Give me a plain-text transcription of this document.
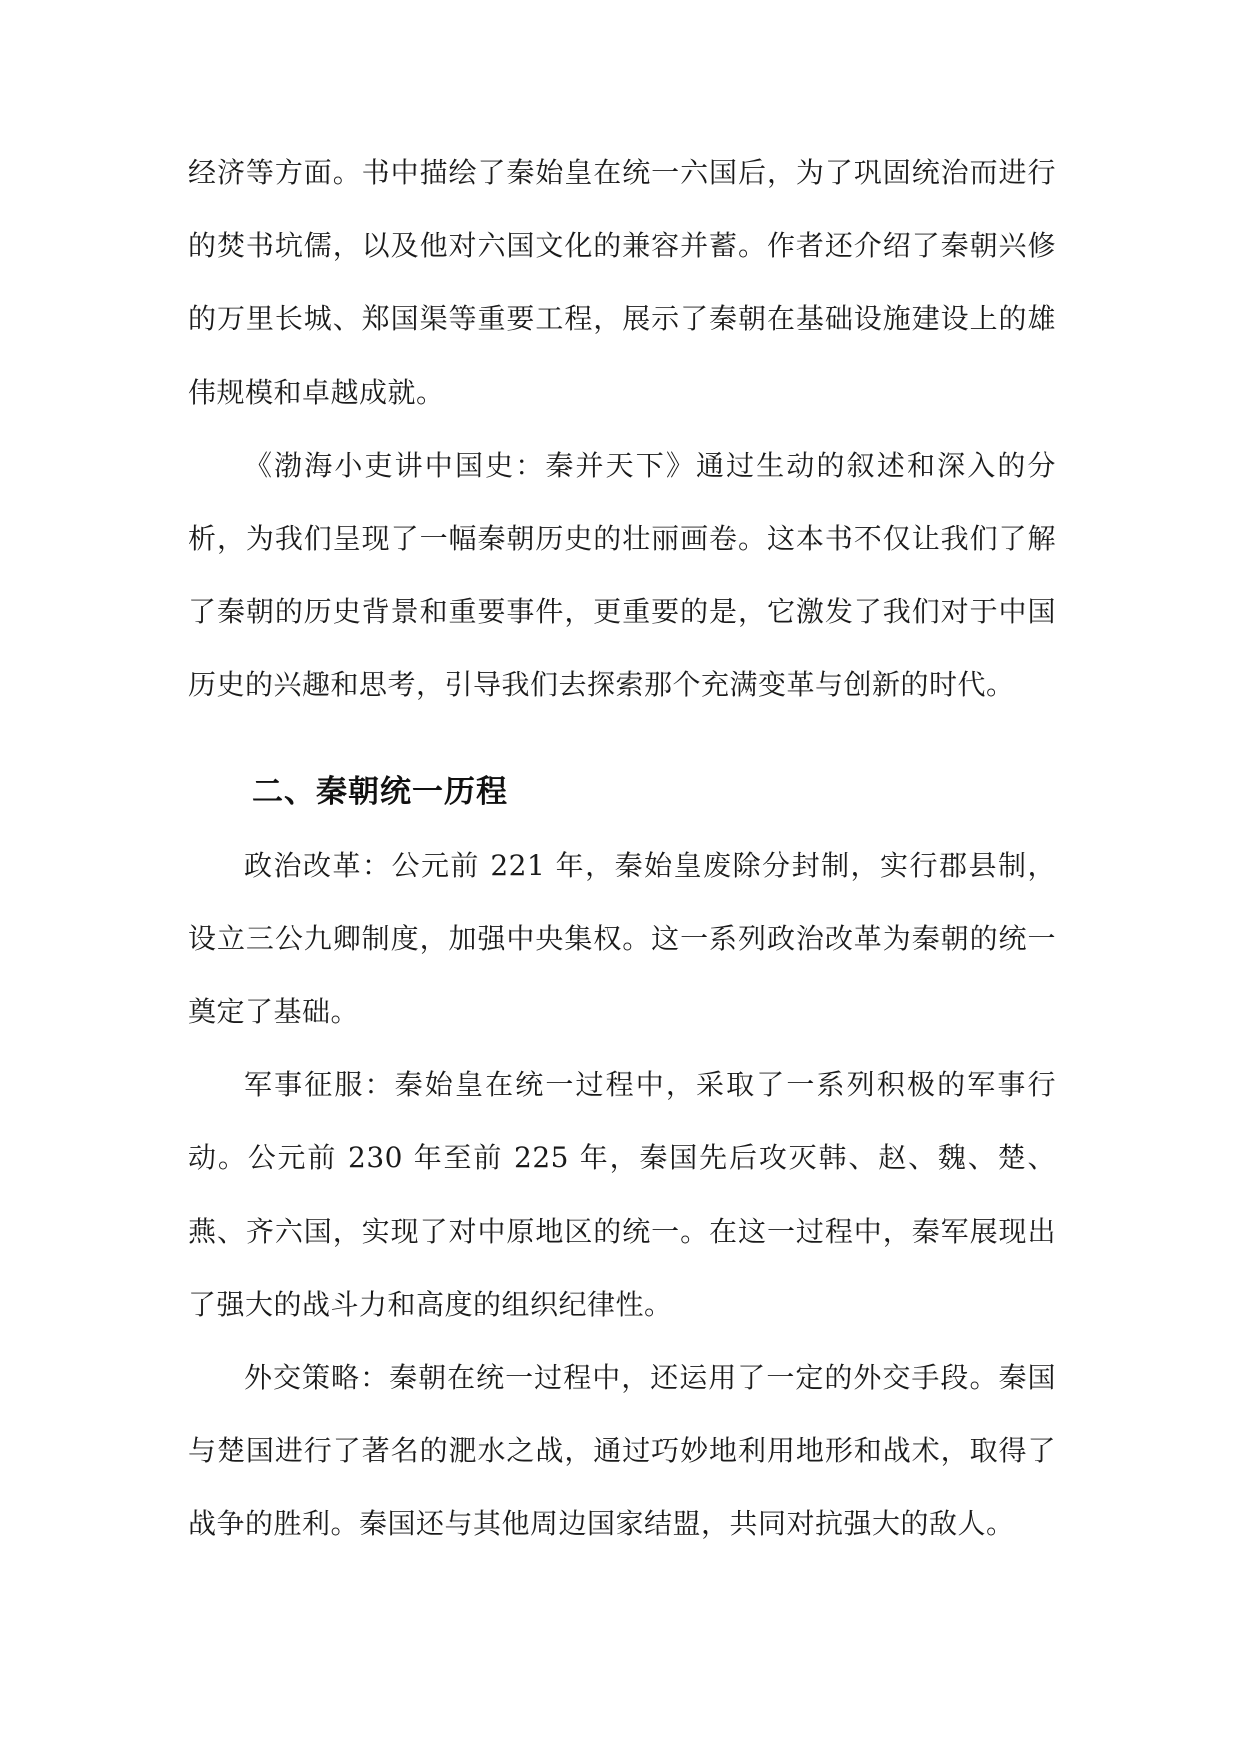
经济等方面。书中描绘了秦始皇在统一六国后，为了巩固统治而进行的焚书坑儒，以及他对六国文化的兼容并蓄。作者还介绍了秦朝兴修的万里长城、郑国渠等重要工程，展示了秦朝在基础设施建设上的雄伟规模和卓越成就。

《渤海小吏讲中国史：秦并天下》通过生动的叙述和深入的分析，为我们呈现了一幅秦朝历史的壮丽画卷。这本书不仅让我们了解了秦朝的历史背景和重要事件，更重要的是，它激发了我们对于中国历史的兴趣和思考，引导我们去探索那个充满变革与创新的时代。

二、秦朝统一历程

政治改革：公元前 221 年，秦始皇废除分封制，实行郡县制，设立三公九卿制度，加强中央集权。这一系列政治改革为秦朝的统一奠定了基础。

军事征服：秦始皇在统一过程中，采取了一系列积极的军事行动。公元前 230 年至前 225 年，秦国先后攻灭韩、赵、魏、楚、燕、齐六国，实现了对中原地区的统一。在这一过程中，秦军展现出了强大的战斗力和高度的组织纪律性。

外交策略：秦朝在统一过程中，还运用了一定的外交手段。秦国与楚国进行了著名的淝水之战，通过巧妙地利用地形和战术，取得了战争的胜利。秦国还与其他周边国家结盟，共同对抗强大的敌人。
